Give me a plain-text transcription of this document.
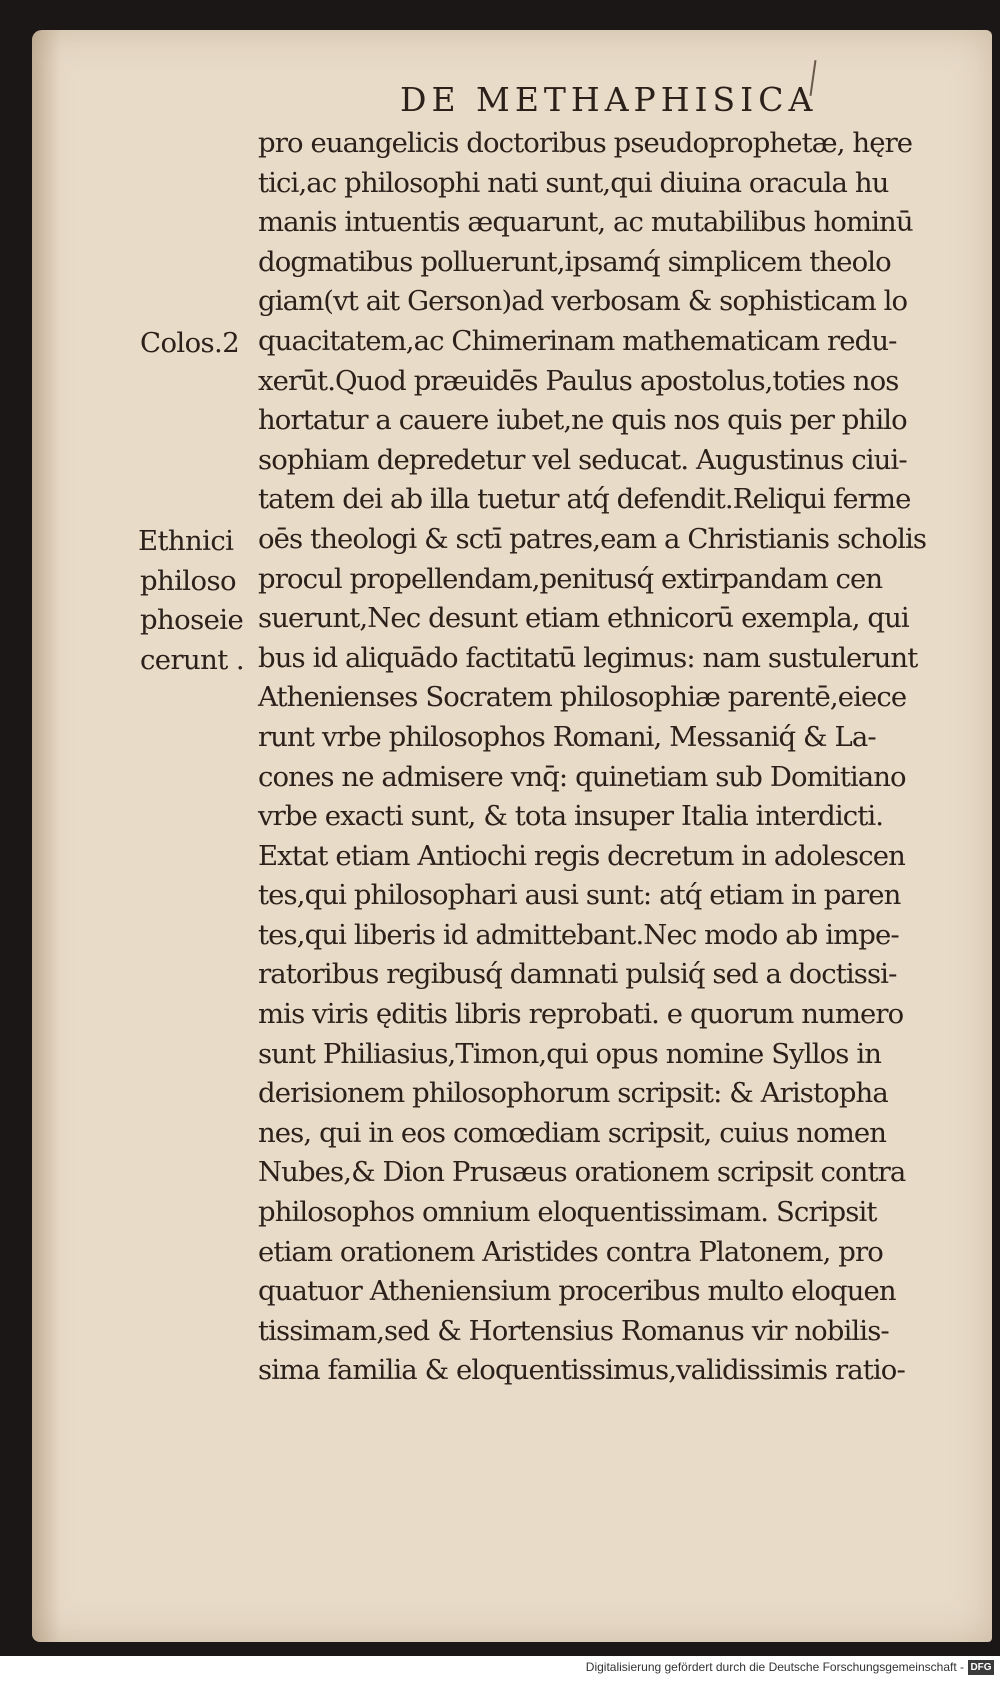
DE METHAPHISICA
Colos.2
Ethnici
philoso
phoseie
cerunt .
pro euangelicis doctoribus pseudoprophetæ, hęre
tici,ac philosophi nati sunt,qui diuina oracula hu
manis intuentis æquarunt, ac mutabilibus hominū
dogmatibus polluerunt,ipsamq́ simplicem theolo
giam(vt ait Gerson)ad verbosam & sophisticam lo
quacitatem,ac Chimerinam mathematicam redu-
xerūt.Quod præuidēs Paulus apostolus,toties nos
hortatur a cauere iubet,ne quis nos quis per philo
sophiam depredetur vel seducat. Augustinus ciui-
tatem dei ab illa tuetur atq́ defendit.Reliqui ferme
oēs theologi & sctī patres,eam a Christianis scholis
procul propellendam,penitusq́ extirpandam cen
suerunt,Nec desunt etiam ethnicorū exempla, qui
bus id aliquādo factitatū legimus: nam sustulerunt
Athenienses Socratem philosophiæ parentē,eiece
runt vrbe philosophos Romani, Messaniq́ & La-
cones ne admisere vnq̄: quinetiam sub Domitiano
vrbe exacti sunt, & tota insuper Italia interdicti.
Extat etiam Antiochi regis decretum in adolescen
tes,qui philosophari ausi sunt: atq́ etiam in paren
tes,qui liberis id admittebant.Nec modo ab impe-
ratoribus regibusq́ damnati pulsiq́ sed a doctissi-
mis viris ęditis libris reprobati. e quorum numero
sunt Philiasius,Timon,qui opus nomine Syllos in
derisionem philosophorum scripsit: & Aristopha
nes, qui in eos comœdiam scripsit, cuius nomen
Nubes,& Dion Prusæus orationem scripsit contra
philosophos omnium eloquentissimam. Scripsit
etiam orationem Aristides contra Platonem, pro
quatuor Atheniensium proceribus multo eloquen
tissimam,sed & Hortensius Romanus vir nobilis-
sima familia & eloquentissimus,validissimis ratio-
Digitalisierung gefördert durch die Deutsche Forschungsgemeinschaft - DFG
